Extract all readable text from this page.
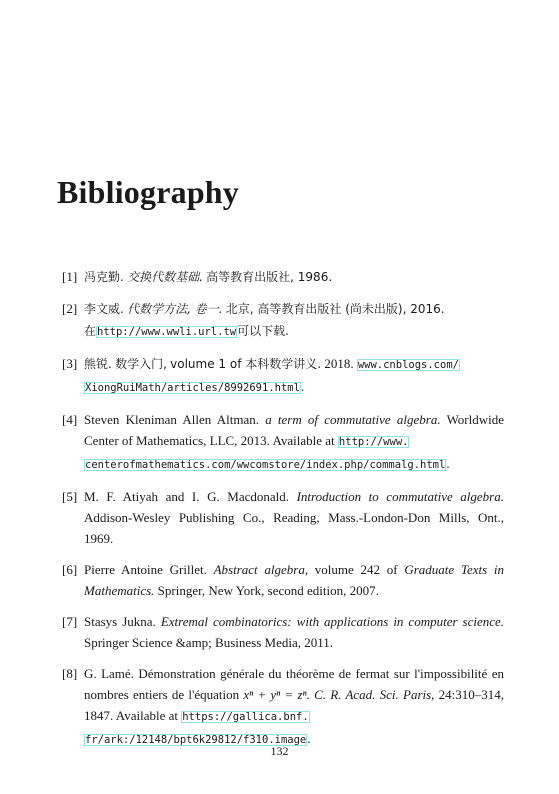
Bibliography
[1] 冯克勤. 交换代数基础. 高等教育出版社, 1986.
[2] 李文威. 代数学方法, 卷一. 北京, 高等教育出版社 (尚未出版), 2016.
在http://www.wwli.url.tw可以下载.
[3] 熊锐. 数学入门, volume 1 of 本科数学讲义. 2018. www.cnblogs.com/
XiongRuiMath/articles/8992691.html.
[4] Steven Kleniman Allen Altman. a term of commutative algebra. Worldwide Center of Mathematics, LLC, 2013. Available at http://www.
centerofmathematics.com/wwcomstore/index.php/commalg.html.
[5] M. F. Atiyah and I. G. Macdonald. Introduction to commutative algebra. Addison-Wesley Publishing Co., Reading, Mass.-London-Don Mills, Ont., 1969.
[6] Pierre Antoine Grillet. Abstract algebra, volume 242 of Graduate Texts in Mathematics. Springer, New York, second edition, 2007.
[7] Stasys Jukna. Extremal combinatorics: with applications in computer science. Springer Science &amp; Business Media, 2011.
[8] G. Lamé. Démonstration générale du théorème de fermat sur l'impossibilité en nombres entiers de l'équation xⁿ + yⁿ = zⁿ. C. R. Acad. Sci. Paris, 24:310–314, 1847. Available at https://gallica.bnf.
fr/ark:/12148/bpt6k29812/f310.image.
132
